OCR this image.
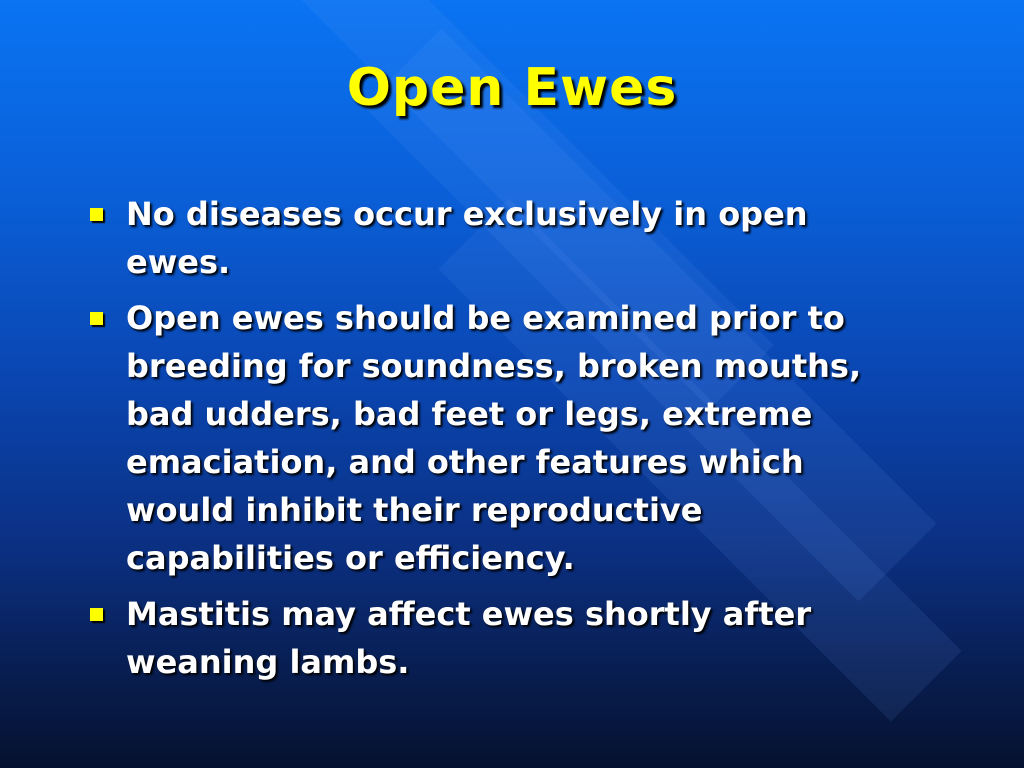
Open Ewes
No diseases occur exclusively in open ewes.
Open ewes should be examined prior to breeding for soundness, broken mouths, bad udders, bad feet or legs, extreme emaciation, and other features which would inhibit their reproductive capabilities or efficiency.
Mastitis may affect ewes shortly after weaning lambs.
